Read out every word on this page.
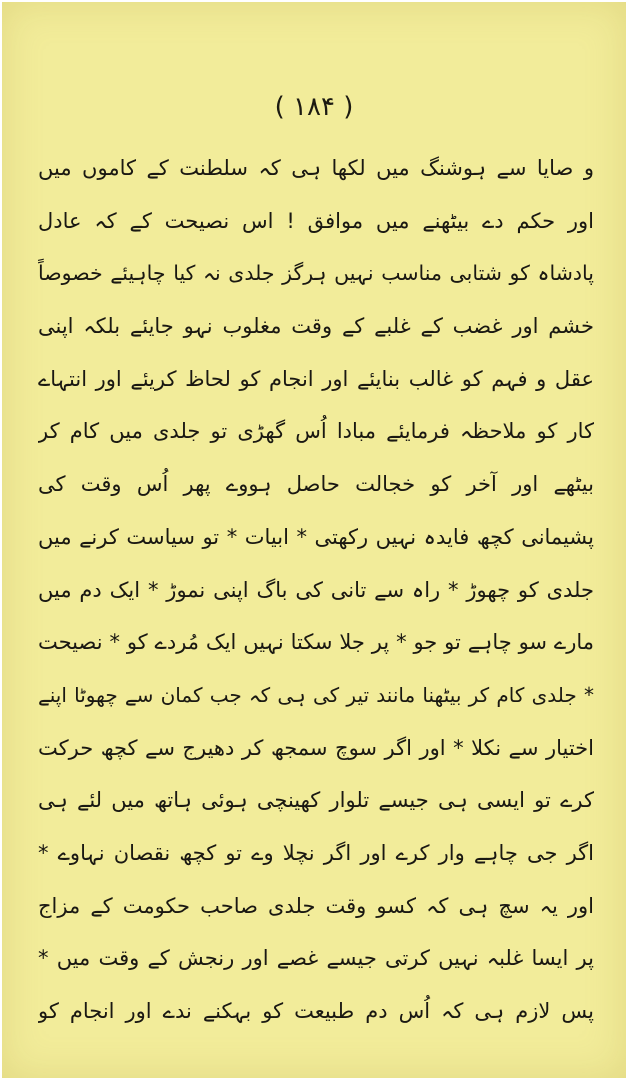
( ۱۸۴ )
و صایا سے ہوشنگ میں لکھا ہی کہ سلطنت کے کاموں میں
اور حکم دے بیٹھنے میں موافق ! اس نصیحت کے کہ عادل
پادشاہ کو شتابی مناسب نہیں ہرگز جلدی نہ کیا چاہیئے خصوصاً
خشم اور غضب کے غلبے کے وقت مغلوب نہو جایئے بلکہ اپنی
عقل و فہم کو غالب بنایئے اور انجام کو لحاظ کریئے اور انتہاے
کار کو ملاحظہ فرمایئے مبادا اُس گھڑی تو جلدی میں کام کر
بیٹھے اور آخر کو خجالت حاصل ہووے پھر اُس وقت کی
پشیمانی کچھ فایدہ نہیں رکھتی * ابیات * تو سیاست کرنے میں
جلدی کو چھوڑ * راہ سے تانی کی باگ اپنی نموڑ * ایک دم میں
مارے سو چاہے تو جو * پر جلا سکتا نہیں ایک مُردے کو * نصیحت
* جلدی کام کر بیٹھنا مانند تیر کی ہی کہ جب کمان سے چھوٹا اپنے
اختیار سے نکلا * اور اگر سوچ سمجھ کر دھیرج سے کچھ حرکت
کرے تو ایسی ہی جیسے تلوار کھینچی ہوئی ہاتھ میں لئے ہی
اگر جی چاہے وار کرے اور اگر نچلا وے تو کچھ نقصان نہاوے *
اور یہ سچ ہی کہ کسو وقت جلدی صاحب حکومت کے مزاج
پر ایسا غلبہ نہیں کرتی جیسے غصے اور رنجش کے وقت میں *
پس لازم ہی کہ اُس دم طبیعت کو بہکنے ندے اور انجام کو
